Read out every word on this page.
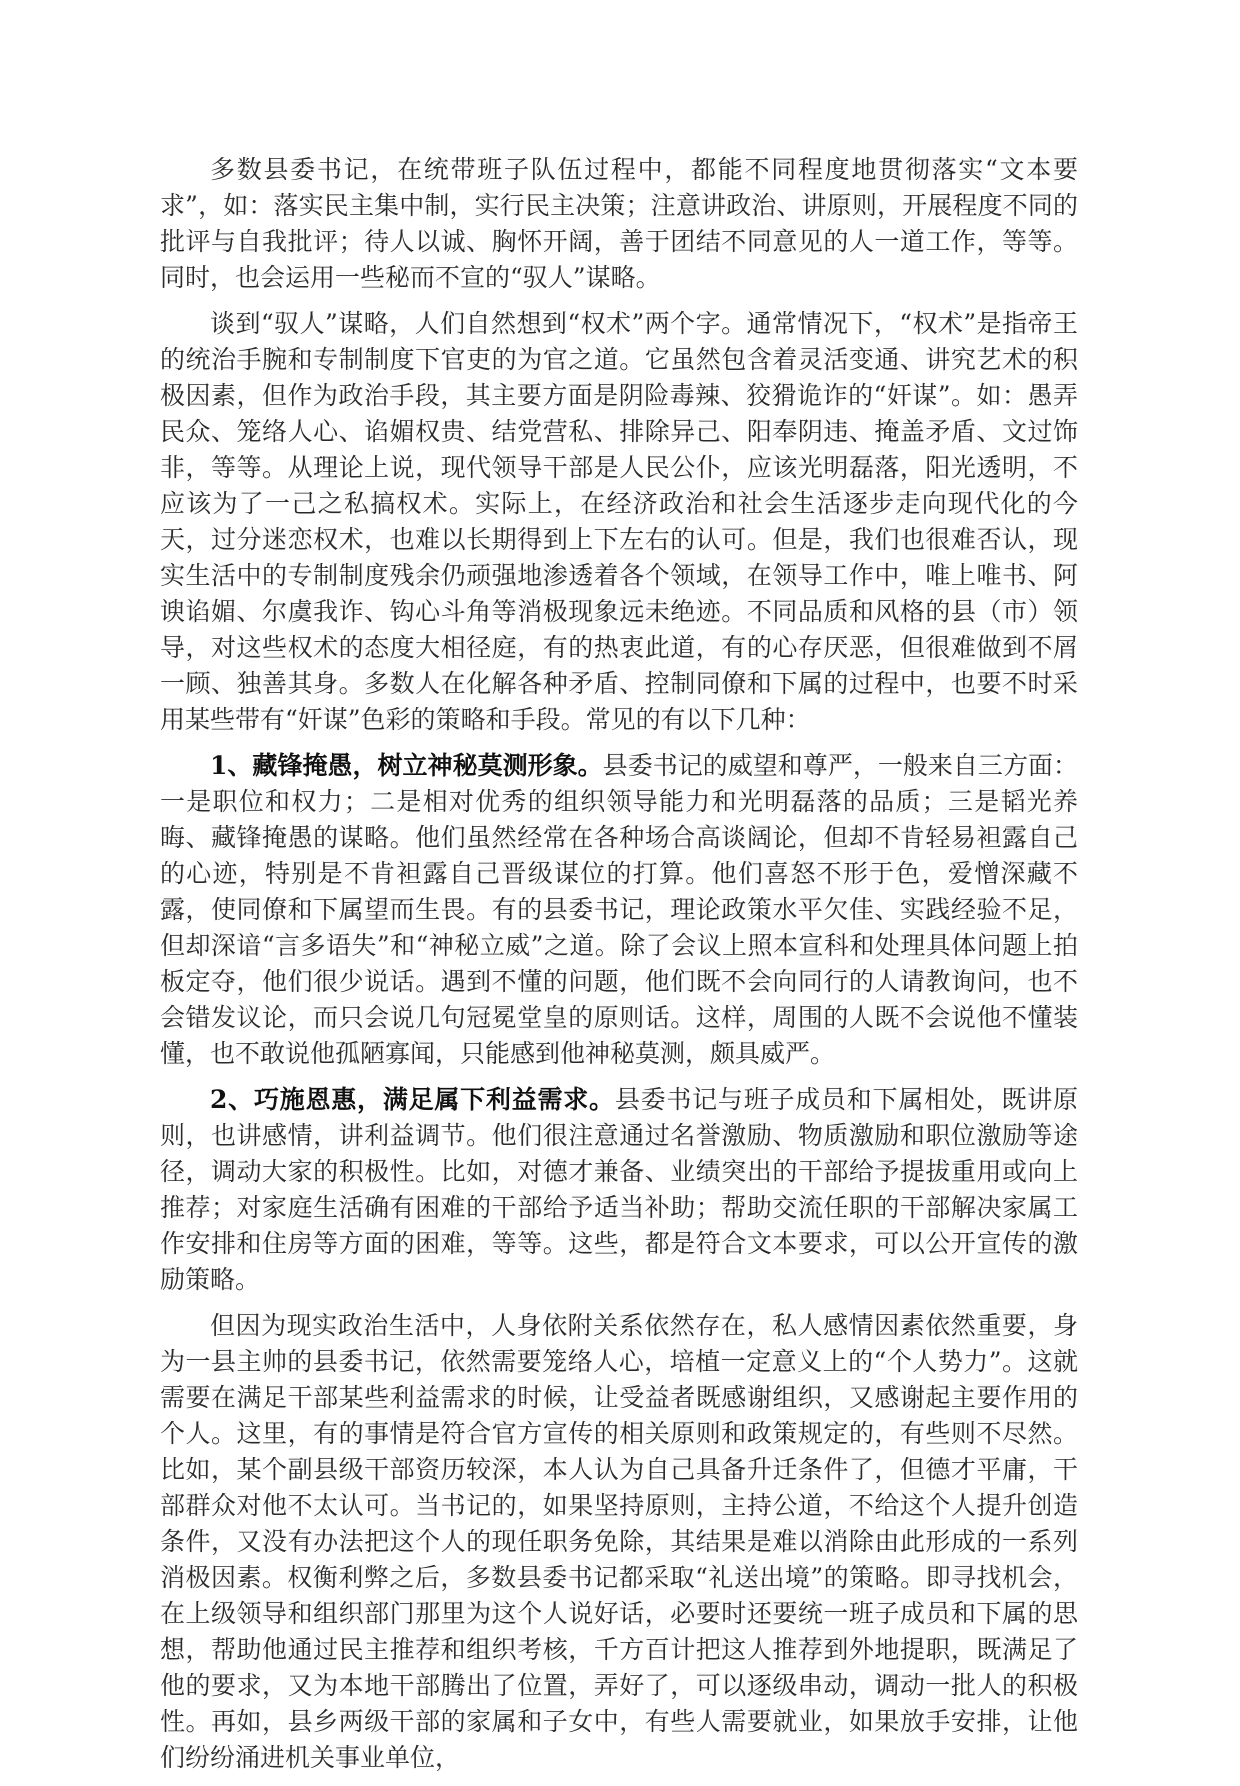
多数县委书记，在统带班子队伍过程中，都能不同程度地贯彻落实“文本要求”，如：落实民主集中制，实行民主决策；注意讲政治、讲原则，开展程度不同的批评与自我批评；待人以诚、胸怀开阔，善于团结不同意见的人一道工作，等等。同时，也会运用一些秘而不宣的“驭人”谋略。

谈到“驭人”谋略，人们自然想到“权术”两个字。通常情况下，“权术”是指帝王的统治手腕和专制制度下官吏的为官之道。它虽然包含着灵活变通、讲究艺术的积极因素，但作为政治手段，其主要方面是阴险毒辣、狡猾诡诈的“奸谋”。如：愚弄民众、笼络人心、谄媚权贵、结党营私、排除异己、阳奉阴违、掩盖矛盾、文过饰非，等等。从理论上说，现代领导干部是人民公仆，应该光明磊落，阳光透明，不应该为了一己之私搞权术。实际上，在经济政治和社会生活逐步走向现代化的今天，过分迷恋权术，也难以长期得到上下左右的认可。但是，我们也很难否认，现实生活中的专制制度残余仍顽强地渗透着各个领域，在领导工作中，唯上唯书、阿谀谄媚、尔虞我诈、钩心斗角等消极现象远未绝迹。不同品质和风格的县（市）领导，对这些权术的态度大相径庭，有的热衷此道，有的心存厌恶，但很难做到不屑一顾、独善其身。多数人在化解各种矛盾、控制同僚和下属的过程中，也要不时采用某些带有“奸谋”色彩的策略和手段。常见的有以下几种：

1、藏锋掩愚，树立神秘莫测形象。县委书记的威望和尊严，一般来自三方面：一是职位和权力；二是相对优秀的组织领导能力和光明磊落的品质；三是韬光养晦、藏锋掩愚的谋略。他们虽然经常在各种场合高谈阔论，但却不肯轻易袒露自己的心迹，特别是不肯袒露自己晋级谋位的打算。他们喜怒不形于色，爱憎深藏不露，使同僚和下属望而生畏。有的县委书记，理论政策水平欠佳、实践经验不足，但却深谙“言多语失”和“神秘立威”之道。除了会议上照本宣科和处理具体问题上拍板定夺，他们很少说话。遇到不懂的问题，他们既不会向同行的人请教询问，也不会错发议论，而只会说几句冠冕堂皇的原则话。这样，周围的人既不会说他不懂装懂，也不敢说他孤陋寡闻，只能感到他神秘莫测，颇具威严。

2、巧施恩惠，满足属下利益需求。县委书记与班子成员和下属相处，既讲原则，也讲感情，讲利益调节。他们很注意通过名誉激励、物质激励和职位激励等途径，调动大家的积极性。比如，对德才兼备、业绩突出的干部给予提拔重用或向上推荐；对家庭生活确有困难的干部给予适当补助；帮助交流任职的干部解决家属工作安排和住房等方面的困难，等等。这些，都是符合文本要求，可以公开宣传的激励策略。

但因为现实政治生活中，人身依附关系依然存在，私人感情因素依然重要，身为一县主帅的县委书记，依然需要笼络人心，培植一定意义上的“个人势力”。这就需要在满足干部某些利益需求的时候，让受益者既感谢组织，又感谢起主要作用的个人。这里，有的事情是符合官方宣传的相关原则和政策规定的，有些则不尽然。比如，某个副县级干部资历较深，本人认为自己具备升迁条件了，但德才平庸，干部群众对他不太认可。当书记的，如果坚持原则，主持公道，不给这个人提升创造条件，又没有办法把这个人的现任职务免除，其结果是难以消除由此形成的一系列消极因素。权衡利弊之后，多数县委书记都采取“礼送出境”的策略。即寻找机会，在上级领导和组织部门那里为这个人说好话，必要时还要统一班子成员和下属的思想，帮助他通过民主推荐和组织考核，千方百计把这人推荐到外地提职，既满足了他的要求，又为本地干部腾出了位置，弄好了，可以逐级串动，调动一批人的积极性。再如，县乡两级干部的家属和子女中，有些人需要就业，如果放手安排，让他们纷纷涌进机关事业单位，
